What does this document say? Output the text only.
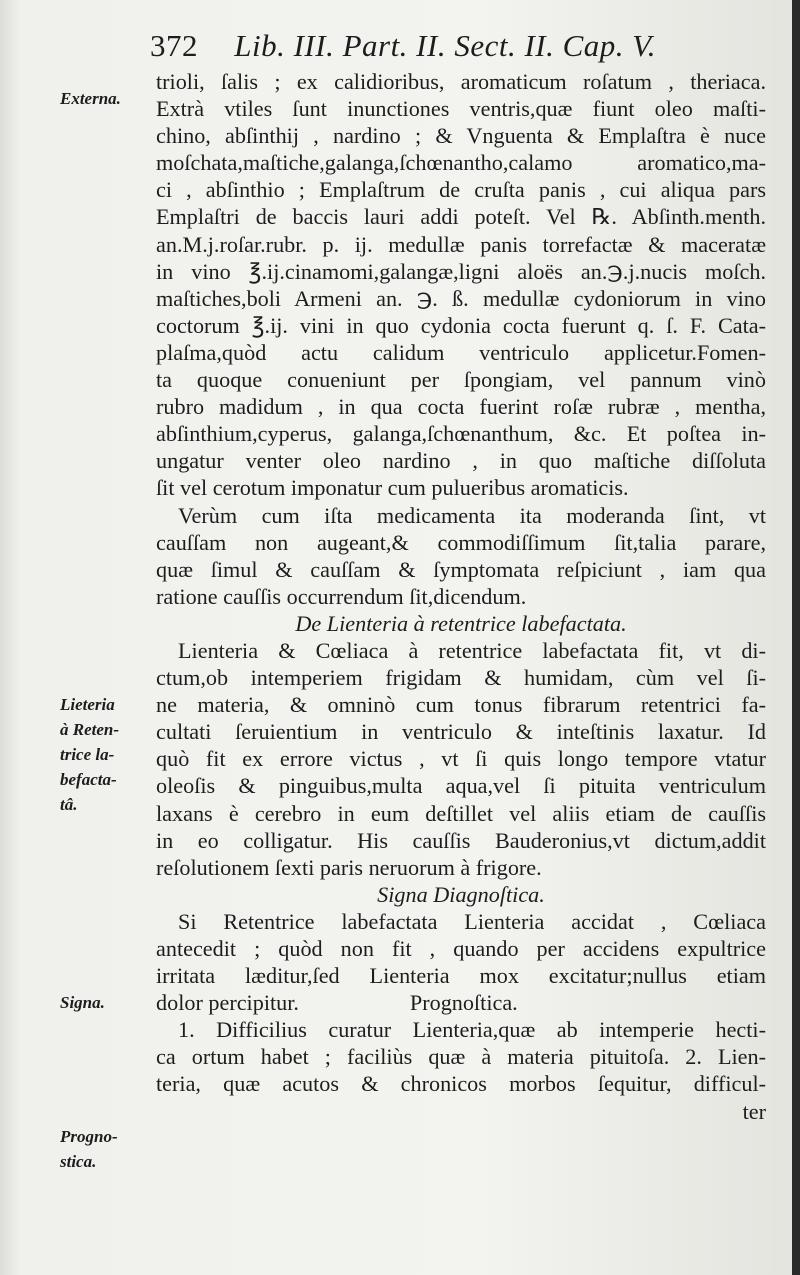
372 Lib. III. Part. II. Sect. II. Cap. V.
Externa.
Lieteria
à Reten-
trice la-
befacta-
tâ.
Signa.
Progno-
stica.
trioli, ſalis ; ex calidioribus, aromaticum roſatum , theriaca.
Extrà vtiles ſunt inunctiones ventris,quæ fiunt oleo maſti-
chino, abſinthij , nardino ; & Vnguenta & Emplaſtra è nuce
moſchata,maſtiche,galanga,ſchœnantho,calamo aromatico,ma-
ci , abſinthio ; Emplaſtrum de cruſta panis , cui aliqua pars
Emplaſtri de baccis lauri addi poteſt. Vel ℞. Abſinth.menth.
an.M.j.roſar.rubr. p. ij. medullæ panis torrefactæ & maceratæ
in vino ℥.ij.cinamomi,galangæ,ligni aloës an.℈.j.nucis moſch.
maſtiches,boli Armeni an. ℈. ß. medullæ cydoniorum in vino
coctorum ℥.ij. vini in quo cydonia cocta fuerunt q. ſ. F. Cata-
plaſma,quòd actu calidum ventriculo applicetur.Fomen-
ta quoque conueniunt per ſpongiam, vel pannum vinò
rubro madidum , in qua cocta fuerint roſæ rubræ , mentha,
abſinthium,cyperus, galanga,ſchœnanthum, &c. Et poſtea in-
ungatur venter oleo nardino , in quo maſtiche diſſoluta
ſit vel cerotum imponatur cum pulueribus aromaticis.
Verùm cum iſta medicamenta ita moderanda ſint, vt
cauſſam non augeant,& commodiſſimum ſit,talia parare,
quæ ſimul & cauſſam & ſymptomata reſpiciunt , iam qua
ratione cauſſis occurrendum ſit,dicendum.
De Lienteria à retentrice labefactata.
Lienteria & Cœliaca à retentrice labefactata fit, vt di-
ctum,ob intemperiem frigidam & humidam, cùm vel ſi-
ne materia, & omninò cum tonus fibrarum retentrici fa-
cultati ſeruientium in ventriculo & inteſtinis laxatur. Id
quò fit ex errore victus , vt ſi quis longo tempore vtatur
oleoſis & pinguibus,multa aqua,vel ſi pituita ventriculum
laxans è cerebro in eum deſtillet vel aliis etiam de cauſſis
in eo colligatur. His cauſſis Bauderonius,vt dictum,addit
reſolutionem ſexti paris neruorum à frigore.
Signa Diagnoſtica.
Si Retentrice labefactata Lienteria accidat , Cœliaca
antecedit ; quòd non fit , quando per accidens expultrice
irritata læditur,ſed Lienteria mox excitatur;nullus etiam
dolor percipitur.                    Prognoſtica.
1. Difficilius curatur Lienteria,quæ ab intemperie hecti-
ca ortum habet ; faciliùs quæ à materia pituitoſa. 2. Lien-
teria, quæ acutos & chronicos morbos ſequitur, difficul-
ter
